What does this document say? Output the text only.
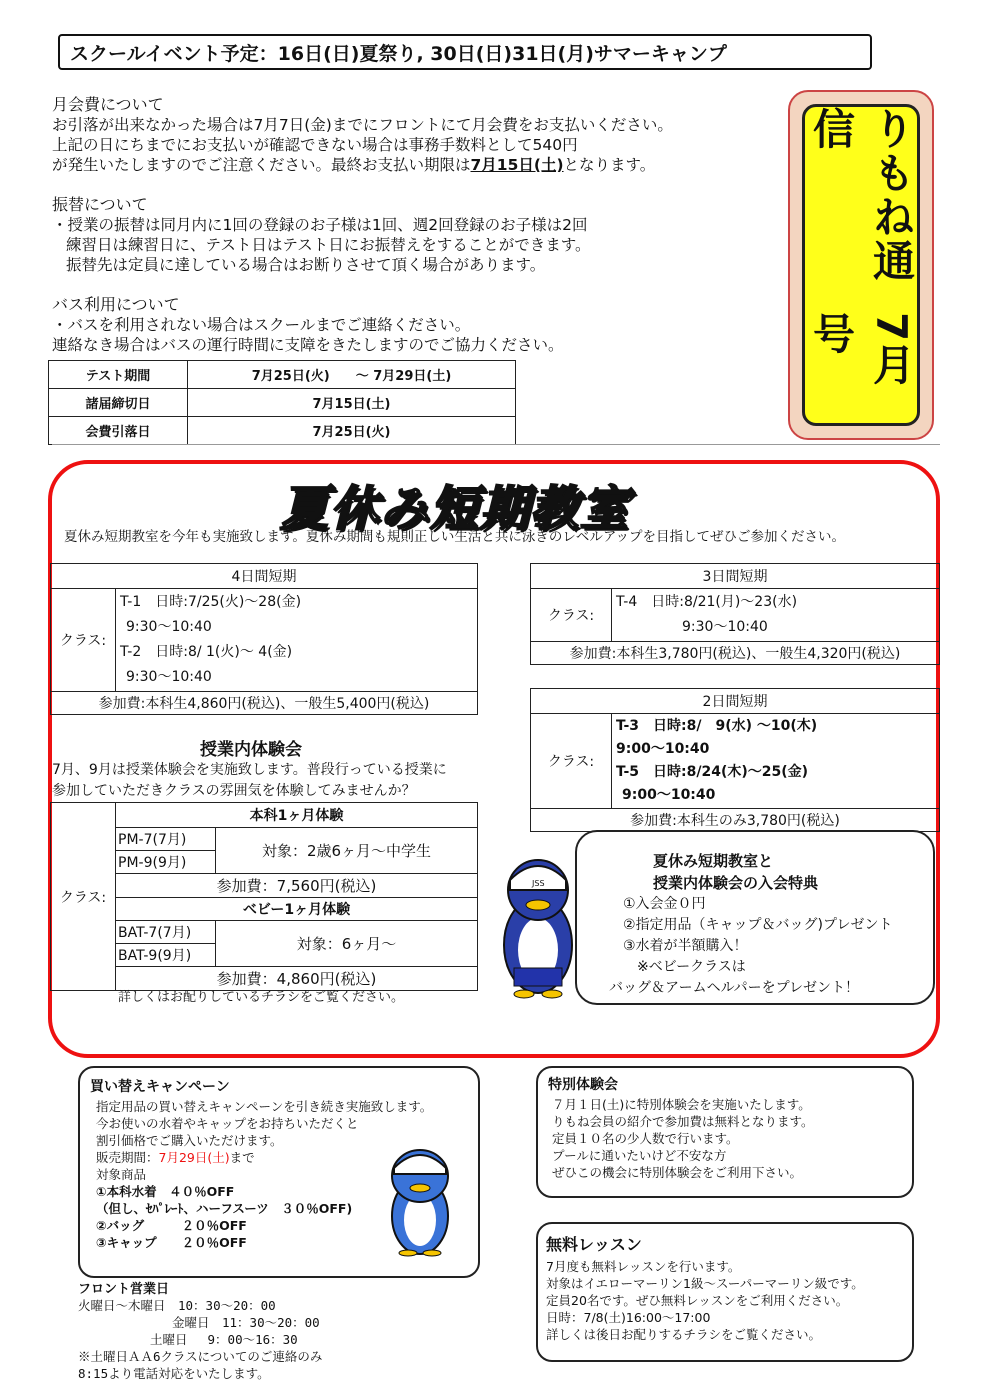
スクールイベント予定：16日(日)夏祭り, 30日(日)31日(月)サマーキャンプ
月会費について
お引落が出来なかった場合は7月7日(金)までにフロントにて月会費をお支払いください。
上記の日にちまでにお支払いが確認できない場合は事務手数料として540円
が発生いたしますのでご注意ください。最終お支払い期限は7月15日(土)となります。
振替について
・授業の振替は同月内に1回の登録のお子様は1回、週2回登録のお子様は2回
練習日は練習日に、テスト日はテスト日にお振替えをすることができます。
振替先は定員に達している場合はお断りさせて頂く場合があります。
バス利用について
・バスを利用されない場合はスクールまでご連絡ください。
連絡なき場合はバスの運行時間に支障をきたしますのでご協力ください。
テスト期間	7月25日(火)　　～ 7月29日(土)
諸届締切日	7月15日(土)
会費引落日	7月25日(火)
りもね通信
7月号
夏休み短期教室
夏休み短期教室を今年も実施致します。夏休み期間も規則正しい生活と共に泳ぎのレベルアップを目指してぜひご参加ください。
4日間短期
クラス:	
T-1　日時:7/25(火)～28(金)
9:30～10:40
T-2　日時:8/ 1(火)～ 4(金)
9:30～10:40

参加費:本科生4,860円(税込)、一般生5,400円(税込)
3日間短期
クラス:	
T-4　日時:8/21(月)～23(水)
9:30～10:40

参加費:本科生3,780円(税込)、一般生4,320円(税込)
2日間短期
クラス:	
T-3　日時:8/　9(水) ～10(木)
9:00～10:40
T-5　日時:8/24(木)～25(金)
9:00～10:40

参加費:本科生のみ3,780円(税込)
授業内体験会
7月、9月は授業体験会を実施致します。普段行っている授業に
参加していただきクラスの雰囲気を体験してみませんか？
クラス:	本科1ヶ月体験	
	PM-7(7月)	対象：2歳6ヶ月～中学生
	PM-9(9月)	
	参加費：7,560円(税込)	
	ベビー1ヶ月体験	
	BAT-7(7月)	対象：6ヶ月～
	BAT-9(9月)	
	参加費：4,860円(税込)	
詳しくはお配りしているチラシをご覧ください。
JSS
夏休み短期教室と
授業内体験会の入会特典
①入会金０円
②指定用品（キャップ＆バッグ)プレゼント
③水着が半額購入！
※ベビークラスは
バッグ＆アームヘルパーをプレゼント！
買い替えキャンペーン
指定用品の買い替えキャンペーンを引き続き実施致します。
今お使いの水着やキャップをお持ちいただくと
割引価格でご購入いただけます。
販売期間：7月29日(土)まで
対象商品
①本科水着　４０％OFF
（但し、ｾﾊﾟﾚｰﾄ、ハーフスーツ　３０％OFF)
②バッグ　　　２０％OFF
③キャップ　　２０％OFF
フロント営業日
火曜日～木曜日　10：30～20：00
金曜日　11：30～20：00
土曜日　 9：00～16：30
※土曜日ＡＡ6クラスについてのご連絡のみ
8:15より電話対応をいたします。
特別体験会
７月１日(土)に特別体験会を実施いたします。
りもね会員の紹介で参加費は無料となります。
定員１０名の少人数で行います。
プールに通いたいけど不安な方
ぜひこの機会に特別体験会をご利用下さい。
無料レッスン
7月度も無料レッスンを行います。
対象はイエローマーリン1級～スーパーマーリン級です。
定員20名です。ぜひ無料レッスンをご利用ください。
日時：7/8(土)16:00～17:00
詳しくは後日お配りするチラシをご覧ください。
